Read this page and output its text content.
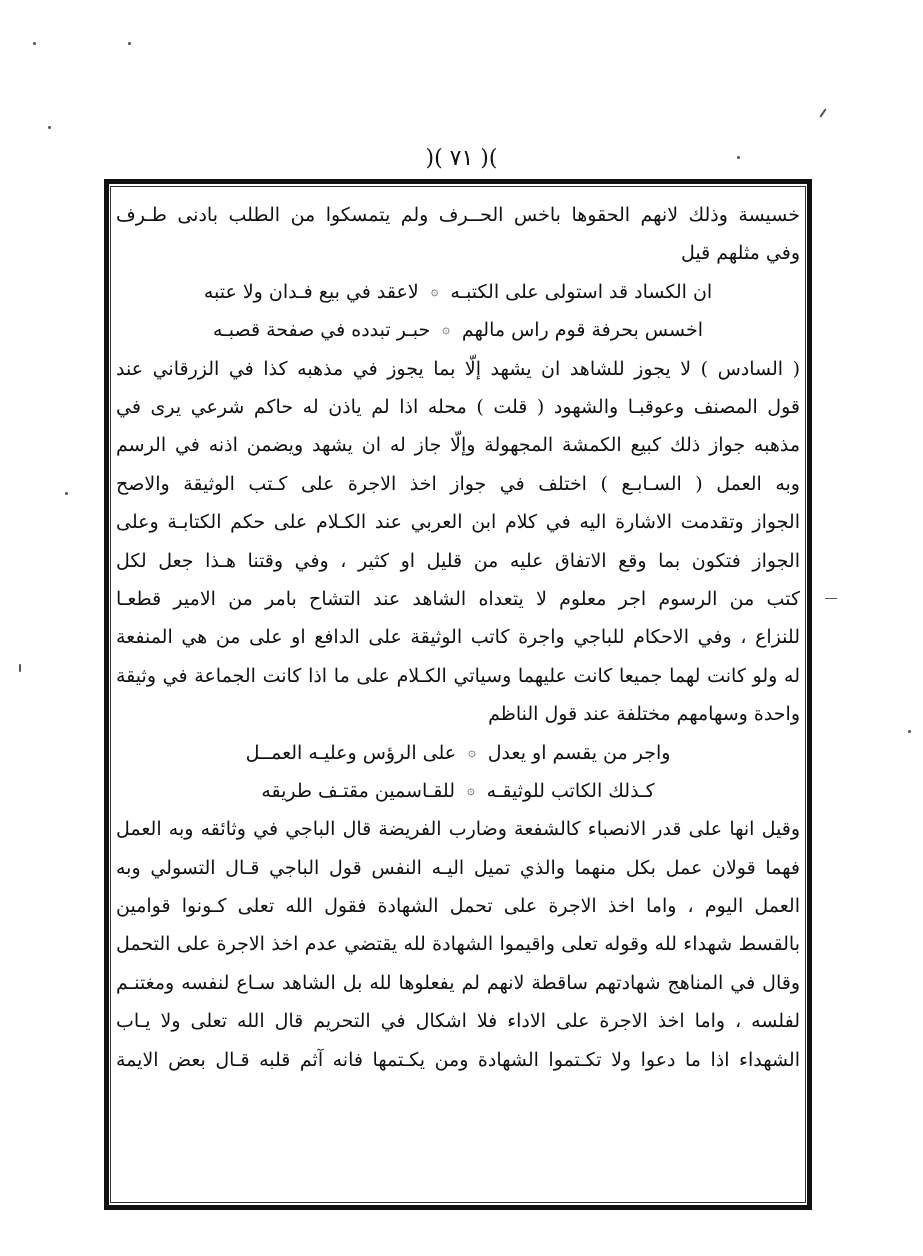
)( ٧١ )(
خسيسة وذلك لانهم الحقوها باخس الحــرف ولم يتمسكوا من الطلب بادنى طـرف
وفي مثلهم قيل
ان الكساد قد استولى على الكتبـه
۞
لاعقد في بيع فـدان ولا عتبه
اخسس بحرفة قوم راس مالهم
۞
حبـر تبدده في صفحة قصبـه
( السادس ) لا يجوز للشاهد ان يشهد إلّا بما يجوز في مذهبه كذا في الزرقاني عند
قول المصنف وعوقبـا والشهود ( قلت ) محله اذا لم ياذن له حاكم شرعي يرى في
مذهبه جواز ذلك كبيع الكمشة المجهولة وإلّا جاز له ان يشهد ويضمن اذنه في الرسم
وبه العمل ( السـابـع ) اختلف في جواز اخذ الاجرة على كـتب الوثيقة والاصح
الجواز وتقدمت الاشارة اليه في كلام ابن العربي عند الكـلام على حكم الكتابـة وعلى
الجواز فتكون بما وقع الاتفاق عليه من قليل او كثير ، وفي وقتنا هـذا جعل لكل
كتب من الرسوم اجر معلوم لا يتعداه الشاهد عند التشاح بامر من الامير قطعـا
للنزاع ، وفي الاحكام للباجي واجرة كاتب الوثيقة على الدافع او على من هي المنفعة
له ولو كانت لهما جميعا كانت عليهما وسياتي الكـلام على ما اذا كانت الجماعة في وثيقة
واحدة وسهامهم مختلفة عند قول الناظم
واجر من يقسم او يعدل
۞
على الرؤس وعليـه العمــل
كـذلك الكاتب للوثيقـه
۞
للقـاسمين مقتـف طريقه
وقيل انها على قدر الانصباء كالشفعة وضارب الفريضة قال الباجي في وثائقه وبه العمل
فهما قولان عمل بكل منهما والذي تميل اليـه النفس قول الباجي قـال التسولي وبه
العمل اليوم ، واما اخذ الاجرة على تحمل الشهادة فقول الله تعلى كـونوا قوامين
بالقسط شهداء لله وقوله تعلى واقيموا الشهادة لله يقتضي عدم اخذ الاجرة على التحمل
وقال في المناهج شهادتهم ساقطة لانهم لم يفعلوها لله بل الشاهد سـاع لنفسه ومغتنـم
لفلسه ، واما اخذ الاجرة على الاداء فلا اشكال في التحريم قال الله تعلى ولا يـاب
الشهداء اذا ما دعوا ولا تكـتموا الشهادة ومن يكـتمها فانه آثم قلبه قـال بعض الايمة
